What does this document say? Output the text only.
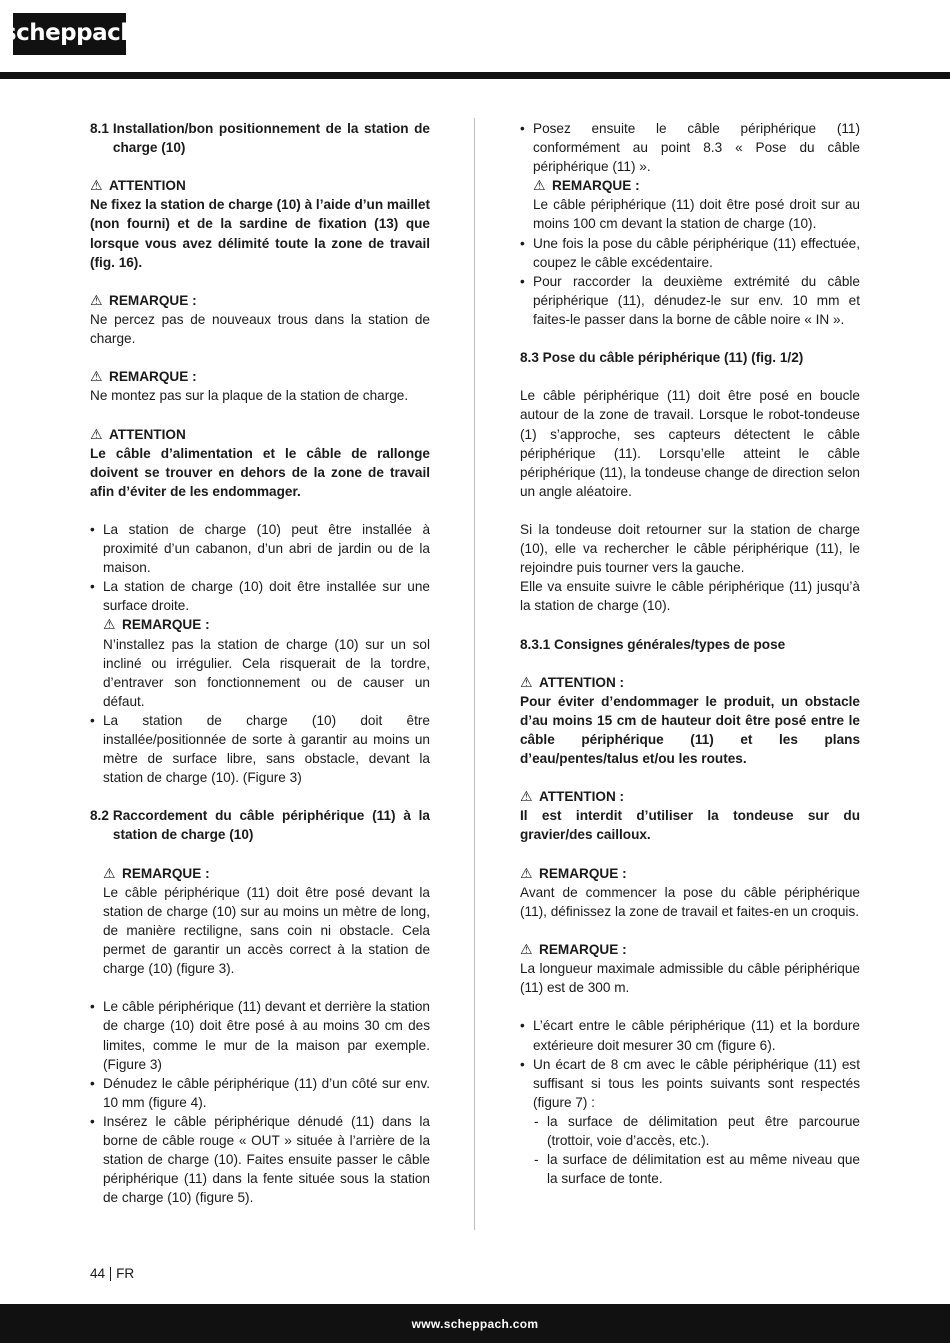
scheppach
8.1 Installation/bon positionnement de la station de charge (10)
⚠ ATTENTION

Ne fixez la station de charge (10) à l’aide d’un maillet (non fourni) et de la sardine de fixation (13) que lorsque vous avez délimité toute la zone de travail (fig. 16).

⚠ REMARQUE :

Ne percez pas de nouveaux trous dans la station de charge.

⚠ REMARQUE :

Ne montez pas sur la plaque de la station de charge.

⚠ ATTENTION

Le câble d’alimentation et le câble de rallonge doivent se trouver en dehors de la zone de travail afin d’éviter de les endommager.

• La station de charge (10) peut être installée à proximité d’un cabanon, d’un abri de jardin ou de la maison.
• La station de charge (10) doit être installée sur une surface droite.
⚠ REMARQUE :
N’installez pas la station de charge (10) sur un sol incliné ou irrégulier. Cela risquerait de la tordre, d’entraver son fonctionnement ou de causer un défaut.
• La station de charge (10) doit être installée/positionnée de sorte à garantir au moins un mètre de surface libre, sans obstacle, devant la station de charge (10). (Figure 3)
8.2 Raccordement du câble périphérique (11) à la station de charge (10)
⚠ REMARQUE :

Le câble périphérique (11) doit être posé devant la station de charge (10) sur au moins un mètre de long, de manière rectiligne, sans coin ni obstacle. Cela permet de garantir un accès correct à la station de charge (10) (figure 3).

• Le câble périphérique (11) devant et derrière la station de charge (10) doit être posé à au moins 30 cm des limites, comme le mur de la maison par exemple. (Figure 3)
• Dénudez le câble périphérique (11) d’un côté sur env. 10 mm (figure 4).
• Insérez le câble périphérique dénudé (11) dans la borne de câble rouge « OUT » située à l’arrière de la station de charge (10). Faites ensuite passer le câble périphérique (11) dans la fente située sous la station de charge (10) (figure 5).
• Posez ensuite le câble périphérique (11) conformément au point 8.3 « Pose du câble périphérique (11) ».
⚠ REMARQUE :
Le câble périphérique (11) doit être posé droit sur au moins 100 cm devant la station de charge (10).
• Une fois la pose du câble périphérique (11) effectuée, coupez le câble excédentaire.
• Pour raccorder la deuxième extrémité du câble périphérique (11), dénudez-le sur env. 10 mm et faites-le passer dans la borne de câble noire « IN ».

8.3 Pose du câble périphérique (11) (fig. 1/2)

Le câble périphérique (11) doit être posé en boucle autour de la zone de travail. Lorsque le robot-tondeuse (1) s’approche, ses capteurs détectent le câble périphérique (11). Lorsqu’elle atteint le câble périphérique (11), la tondeuse change de direction selon un angle aléatoire.

Si la tondeuse doit retourner sur la station de charge (10), elle va rechercher le câble périphérique (11), le rejoindre puis tourner vers la gauche.

Elle va ensuite suivre le câble périphérique (11) jusqu’à la station de charge (10).

8.3.1 Consignes générales/types de pose

⚠ ATTENTION :

Pour éviter d’endommager le produit, un obstacle d’au moins 15 cm de hauteur doit être posé entre le câble périphérique (11) et les plans d’eau/pentes/talus et/ou les routes.

⚠ ATTENTION :

Il est interdit d’utiliser la tondeuse sur du gravier/des cailloux.

⚠ REMARQUE :

Avant de commencer la pose du câble périphérique (11), définissez la zone de travail et faites-en un croquis.

⚠ REMARQUE :

La longueur maximale admissible du câble périphérique (11) est de 300 m.

• L’écart entre le câble périphérique (11) et la bordure extérieure doit mesurer 30 cm (figure 6).
• Un écart de 8 cm avec le câble périphérique (11) est suffisant si tous les points suivants sont respectés (figure 7) :
- la surface de délimitation peut être parcourue (trottoir, voie d’accès, etc.).
- la surface de délimitation est au même niveau que la surface de tonte.
44 FR
www.scheppach.com
